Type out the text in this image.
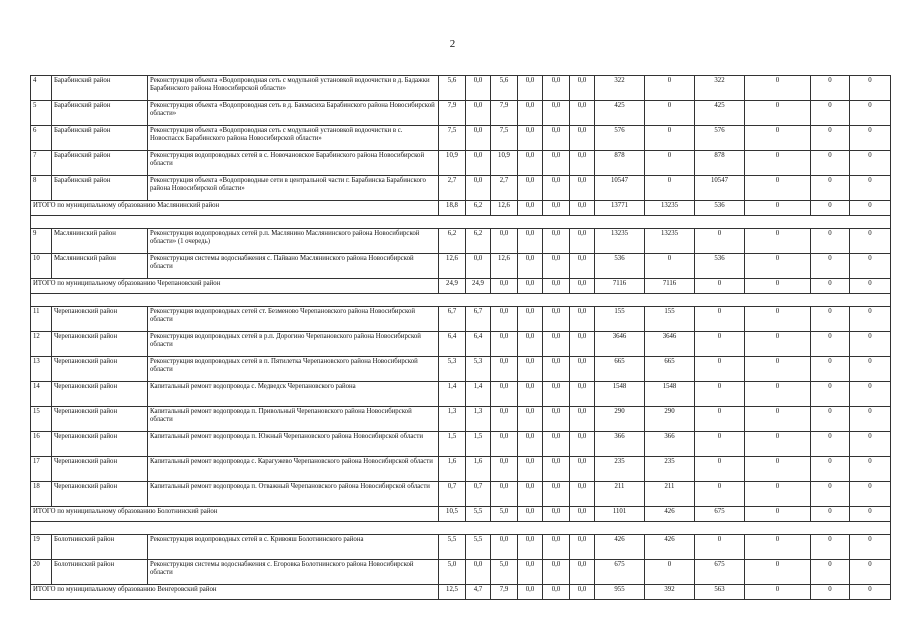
2
4	Барабинский район	Реконструкция объекта «Водопроводная сеть с модульной установкой водоочистки в д. Бадажки Барабинского района Новосибирской области»	5,6	0,0	5,6	0,0	0,0	0,0	322	0	322	0	0	0
5	Барабинский район	Реконструкция объекта «Водопроводная сеть в д. Бакмасиха Барабинского района Новосибирской области»	7,9	0,0	7,9	0,0	0,0	0,0	425	0	425	0	0	0
6	Барабинский район	Реконструкция объекта «Водопроводная сеть с модульной установкой водоочистки в с. Новоспасск Барабинского района Новосибирской области»	7,5	0,0	7,5	0,0	0,0	0,0	576	0	576	0	0	0
7	Барабинский район	Реконструкция водопроводных сетей в с. Новочановское Барабинского района Новосибирской области	10,9	0,0	10,9	0,0	0,0	0,0	878	0	878	0	0	0
8	Барабинский район	Реконструкция объекта «Водопроводные сети в центральной части г. Барабинска Барабинского района Новосибирской области»	2,7	0,0	2,7	0,0	0,0	0,0	10547	0	10547	0	0	0
ИТОГО по муниципальному образованию Маслянинский район			18,8	6,2	12,6	0,0	0,0	0,0	13771	13235	536	0	0	0

9	Маслянинский район	Реконструкция водопроводных сетей р.п. Маслянино Маслянинского района Новосибирской области» (1 очередь)	6,2	6,2	0,0	0,0	0,0	0,0	13235	13235	0	0	0	0
10	Маслянинский район	Реконструкция системы водоснабжения с. Пайвано Маслянинского района Новосибирской области	12,6	0,0	12,6	0,0	0,0	0,0	536	0	536	0	0	0
ИТОГО по муниципальному образованию Черепановский район			24,9	24,9	0,0	0,0	0,0	0,0	7116	7116	0	0	0	0

11	Черепановский район	Реконструкция водопроводных сетей ст. Безменово Черепановского района Новосибирской области	6,7	6,7	0,0	0,0	0,0	0,0	155	155	0	0	0	0
12	Черепановский район	Реконструкция водопроводных сетей в р.п. Дорогино Черепановского района Новосибирской области	6,4	6,4	0,0	0,0	0,0	0,0	3646	3646	0	0	0	0
13	Черепановский район	Реконструкция водопроводных сетей в п. Пятилетка Черепановского района Новосибирской области	5,3	5,3	0,0	0,0	0,0	0,0	665	665	0	0	0	0
14	Черепановский район	Капитальный ремонт водопровода с. Медведск Черепановского района	1,4	1,4	0,0	0,0	0,0	0,0	1548	1548	0	0	0	0
15	Черепановский район	Капитальный ремонт водопровода п. Привольный Черепановского района Новосибирской области	1,3	1,3	0,0	0,0	0,0	0,0	290	290	0	0	0	0
16	Черепановский район	Капитальный ремонт водопровода п. Южный Черепановского района Новосибирской области	1,5	1,5	0,0	0,0	0,0	0,0	366	366	0	0	0	0
17	Черепановский район	Капитальный ремонт водопровода с. Карагужево Черепановского района Новосибирской области	1,6	1,6	0,0	0,0	0,0	0,0	235	235	0	0	0	0
18	Черепановский район	Капитальный ремонт водопровода п. Отважный Черепановского района Новосибирской области	0,7	0,7	0,0	0,0	0,0	0,0	211	211	0	0	0	0
ИТОГО по муниципальному образованию Болотнинский район			10,5	5,5	5,0	0,0	0,0	0,0	1101	426	675	0	0	0

19	Болотнинский район	Реконструкция водопроводных сетей в с. Кривояш Болотнинского района	5,5	5,5	0,0	0,0	0,0	0,0	426	426	0	0	0	0
20	Болотнинский район	Реконструкция системы водоснабжения с. Егоровка Болотнинского района Новосибирской области	5,0	0,0	5,0	0,0	0,0	0,0	675	0	675	0	0	0
ИТОГО по муниципальному образованию Венгеровский район			12,5	4,7	7,9	0,0	0,0	0,0	955	392	563	0	0	0
